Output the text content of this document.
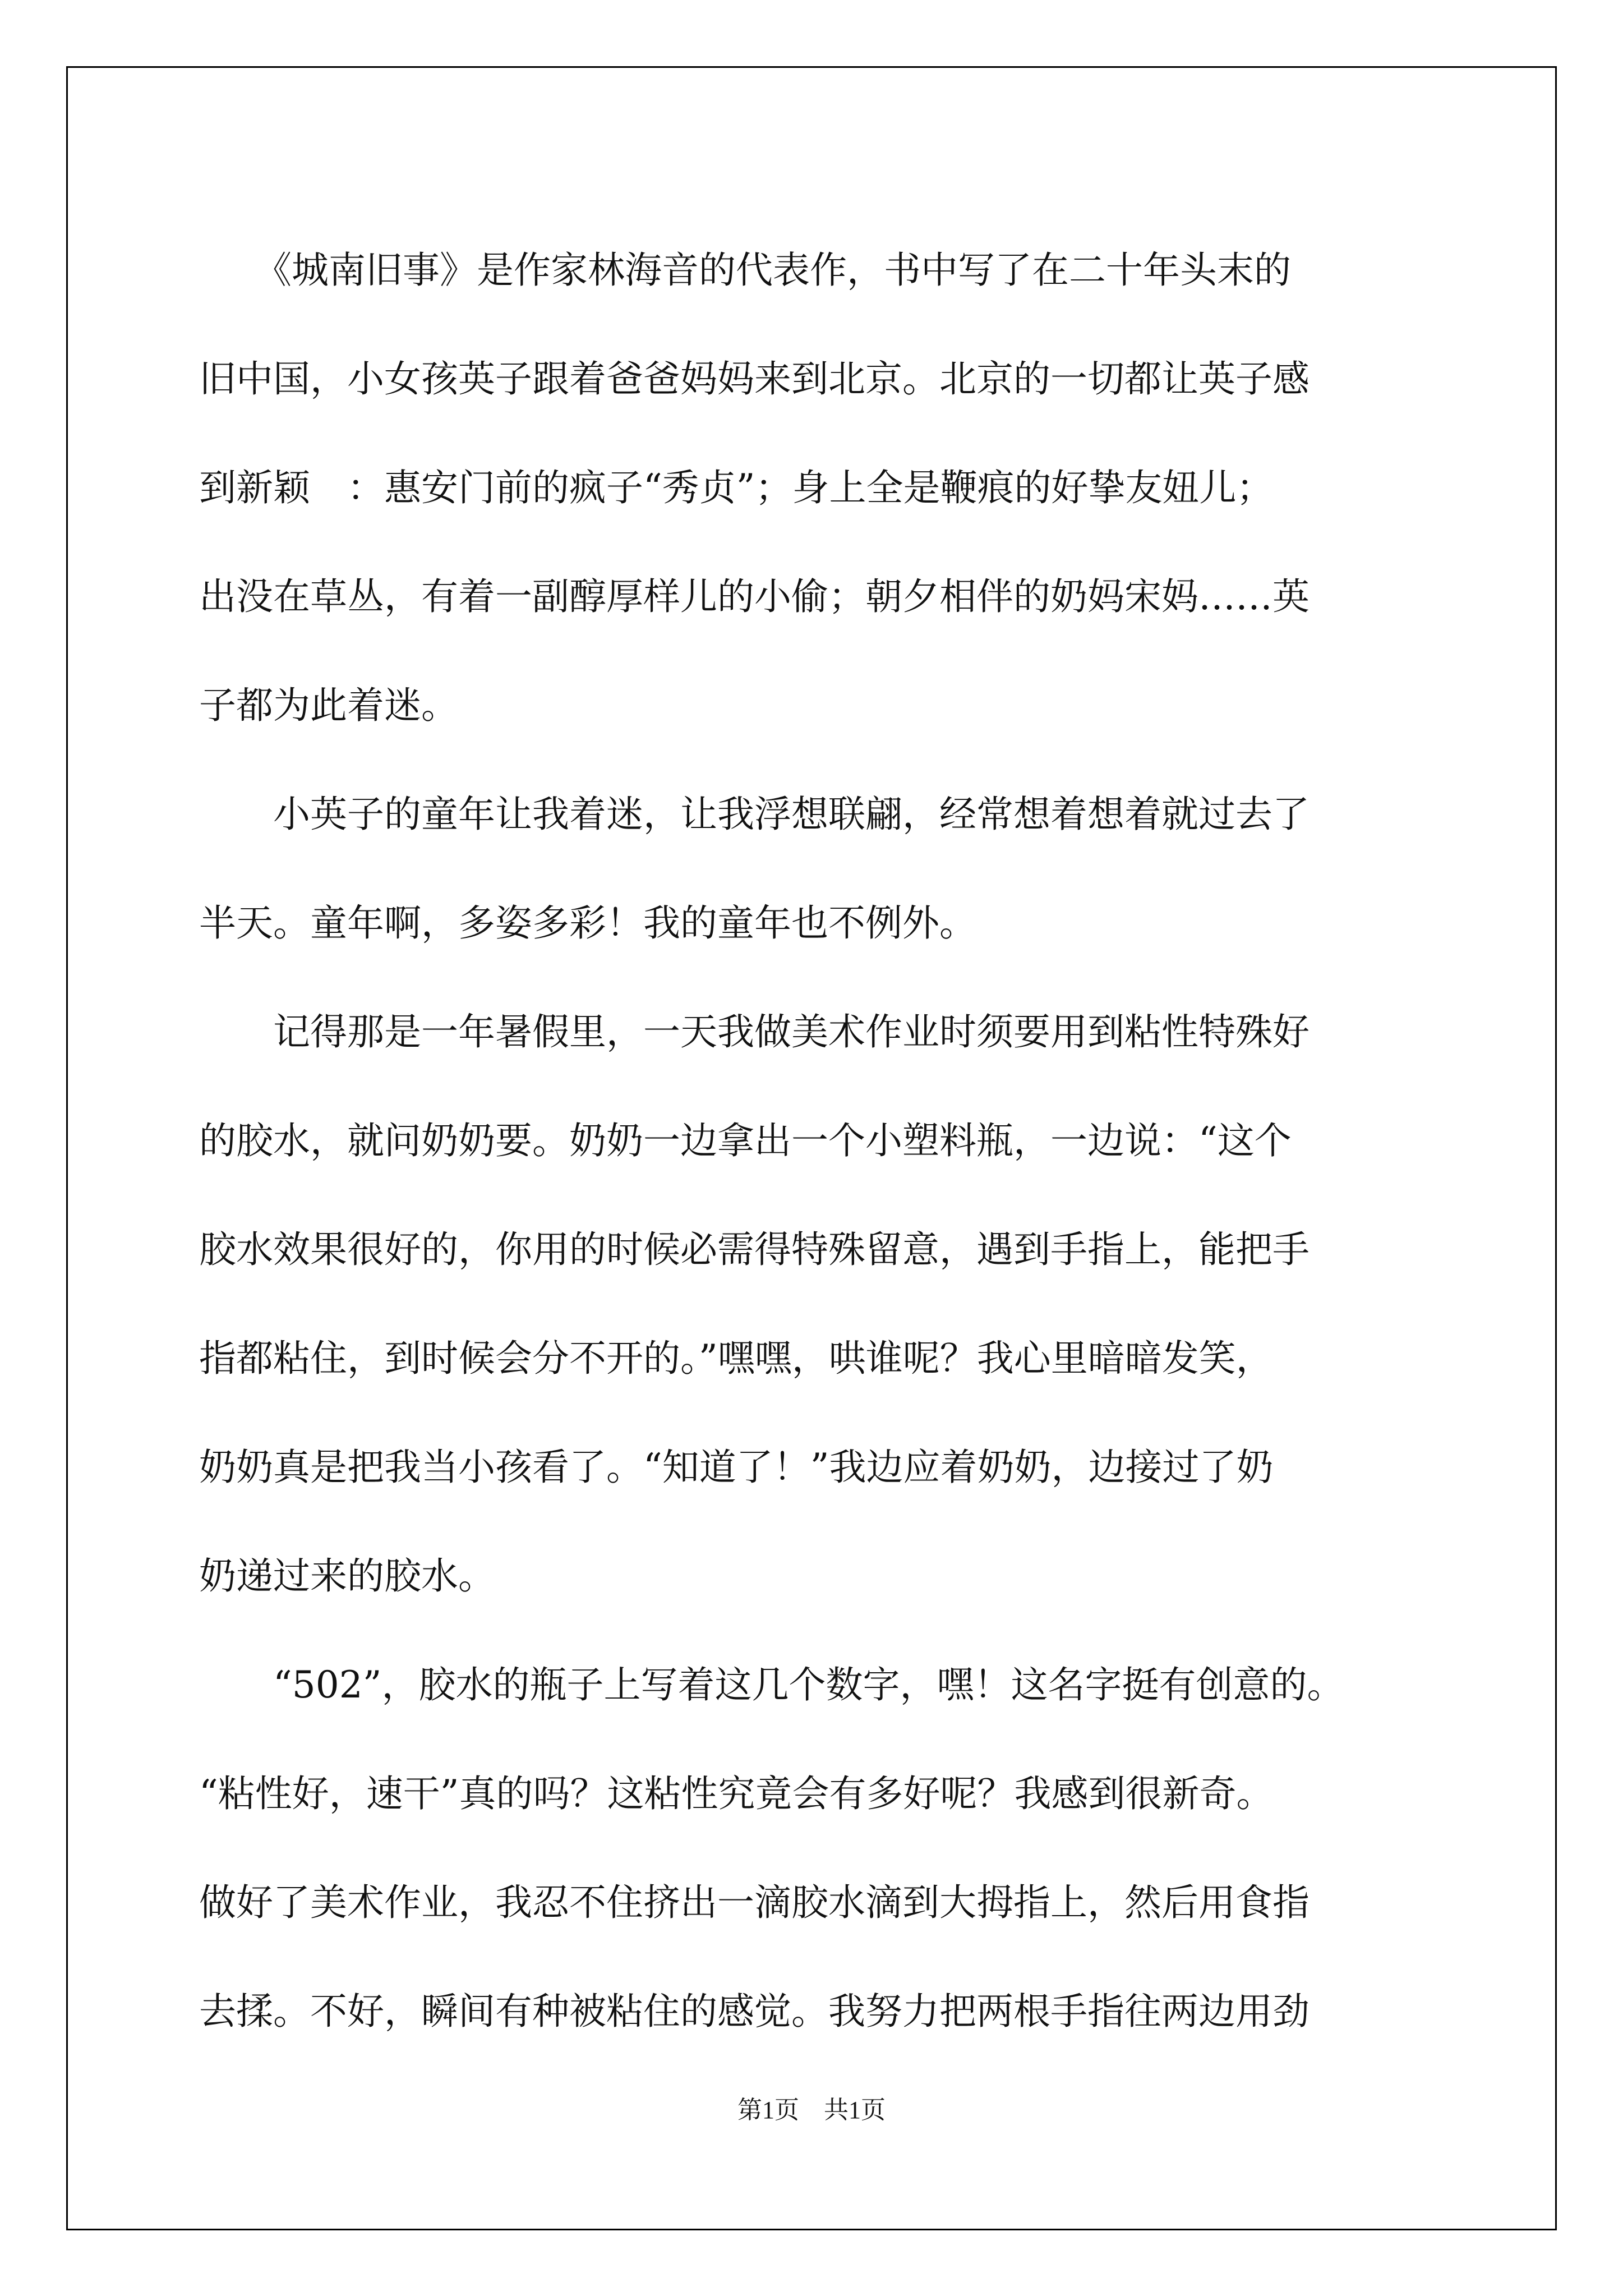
　　《城南旧事》是作家林海音的代表作，书中写了在二十年头末的
旧中国，小女孩英子跟着爸爸妈妈来到北京。北京的一切都让英子感
到新颖　：惠安门前的疯子“秀贞”；身上全是鞭痕的好挚友妞儿；
出没在草丛，有着一副醇厚样儿的小偷；朝夕相伴的奶妈宋妈……英
子都为此着迷。
　　小英子的童年让我着迷，让我浮想联翩，经常想着想着就过去了
半天。童年啊，多姿多彩！我的童年也不例外。
　　记得那是一年暑假里，一天我做美术作业时须要用到粘性特殊好
的胶水，就问奶奶要。奶奶一边拿出一个小塑料瓶，一边说：“这个
胶水效果很好的，你用的时候必需得特殊留意，遇到手指上，能把手
指都粘住，到时候会分不开的。”嘿嘿，哄谁呢？我心里暗暗发笑，
奶奶真是把我当小孩看了。“知道了！”我边应着奶奶，边接过了奶
奶递过来的胶水。
　　“502”，胶水的瓶子上写着这几个数字，嘿！这名字挺有创意的。
“粘性好，速干”真的吗？这粘性究竟会有多好呢？我感到很新奇。
做好了美术作业，我忍不住挤出一滴胶水滴到大拇指上，然后用食指
去揉。不好，瞬间有种被粘住的感觉。我努力把两根手指往两边用劲
第1页　共1页
